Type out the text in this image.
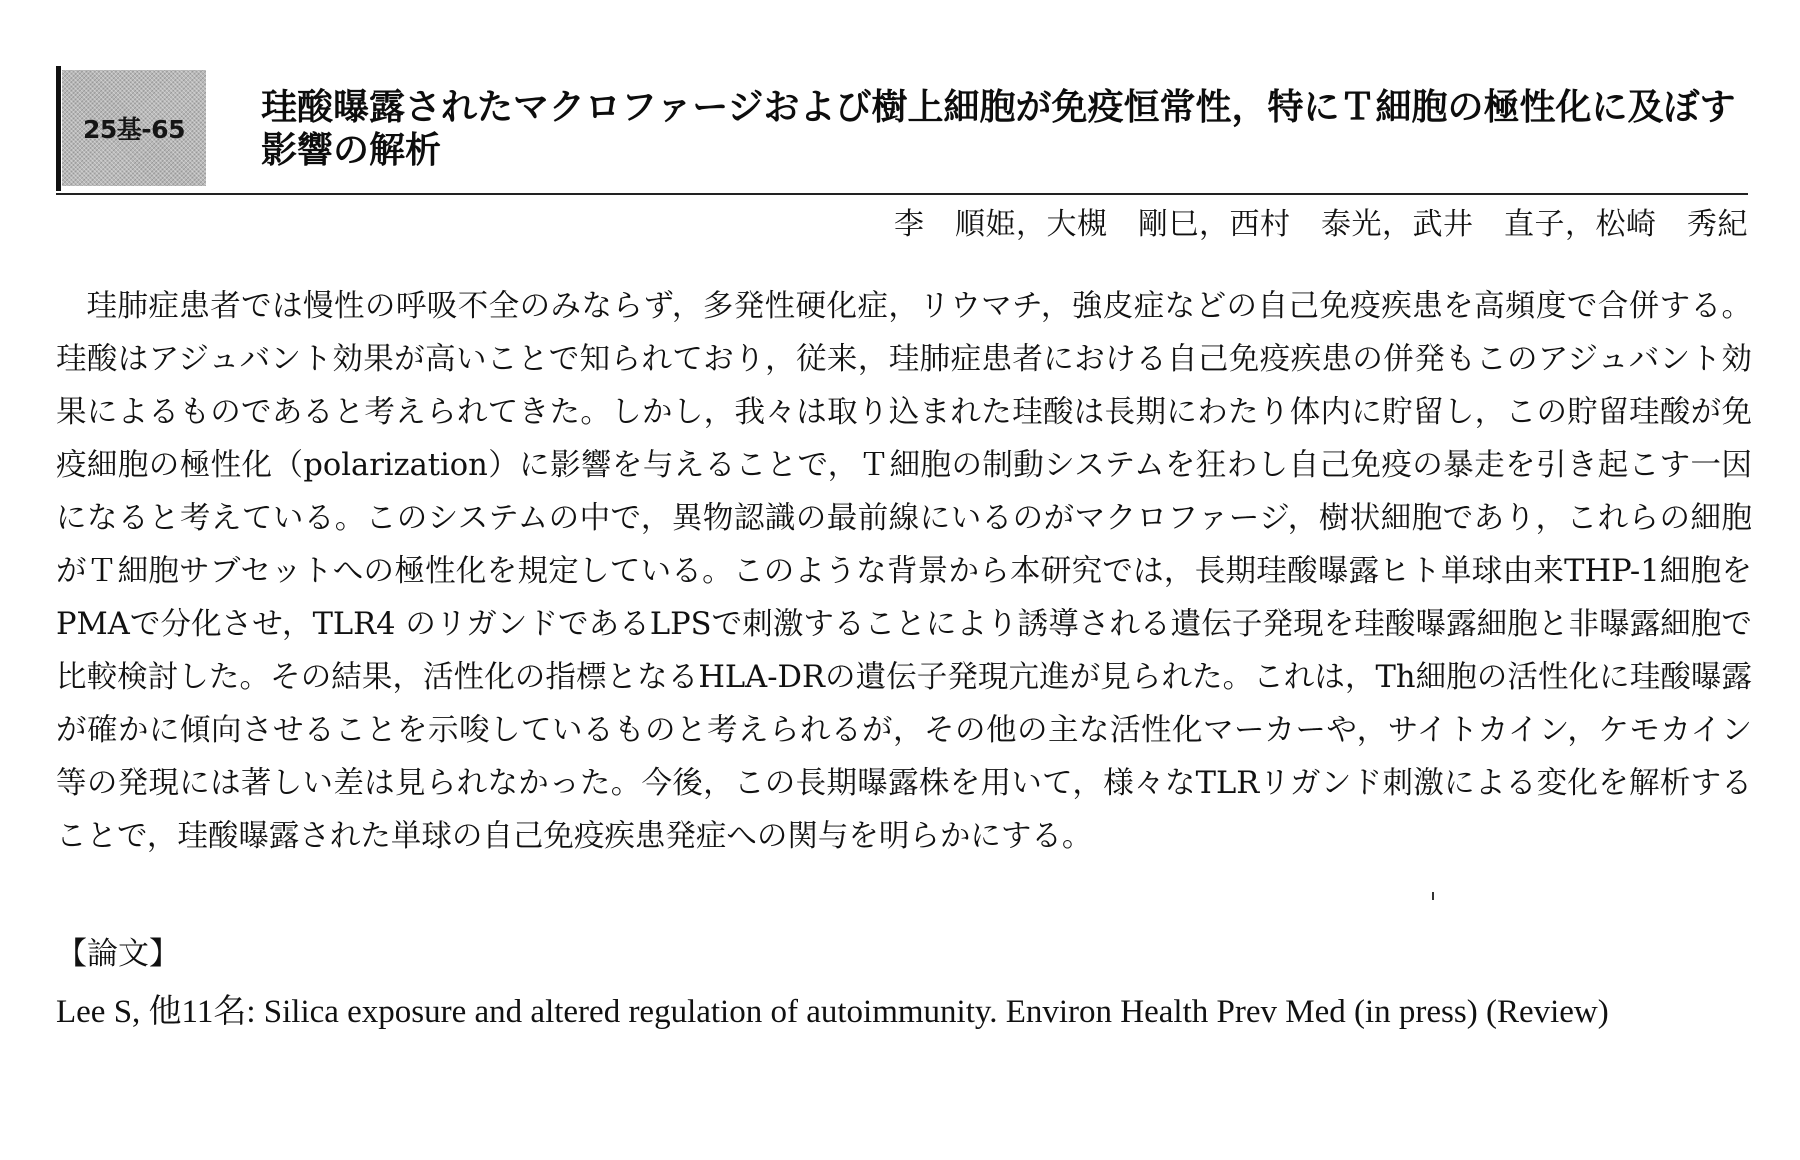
25基-65
珪酸曝露されたマクロファージおよび樹上細胞が免疫恒常性，特にＴ細胞の極性化に及ぼす影響の解析
李　順姫，大槻　剛巳，西村　泰光，武井　直子，松崎　秀紀

珪肺症患者では慢性の呼吸不全のみならず，多発性硬化症，リウマチ，強皮症などの自己免疫疾患を高頻度で合併する。珪酸はアジュバント効果が高いことで知られており，従来，珪肺症患者における自己免疫疾患の併発もこのアジュバント効果によるものであると考えられてきた。しかし，我々は取り込まれた珪酸は長期にわたり体内に貯留し，この貯留珪酸が免疫細胞の極性化（polarization）に影響を与えることで，Ｔ細胞の制動システムを狂わし自己免疫の暴走を引き起こす一因になると考えている。このシステムの中で，異物認識の最前線にいるのがマクロファージ，樹状細胞であり，これらの細胞がＴ細胞サブセットへの極性化を規定している。このような背景から本研究では，長期珪酸曝露ヒト単球由来THP-1細胞をPMAで分化させ，TLR4 のリガンドであるLPSで刺激することにより誘導される遺伝子発現を珪酸曝露細胞と非曝露細胞で比較検討した。その結果，活性化の指標となるHLA-DRの遺伝子発現亢進が見られた。これは，Th細胞の活性化に珪酸曝露が確かに傾向させることを示唆しているものと考えられるが，その他の主な活性化マーカーや，サイトカイン，ケモカイン等の発現には著しい差は見られなかった。今後，この長期曝露株を用いて，様々なTLRリガンド刺激による変化を解析することで，珪酸曝露された単球の自己免疫疾患発症への関与を明らかにする。

【論文】

Lee S, 他11名: Silica exposure and altered regulation of autoimmunity. Environ Health Prev Med (in press) (Review)
